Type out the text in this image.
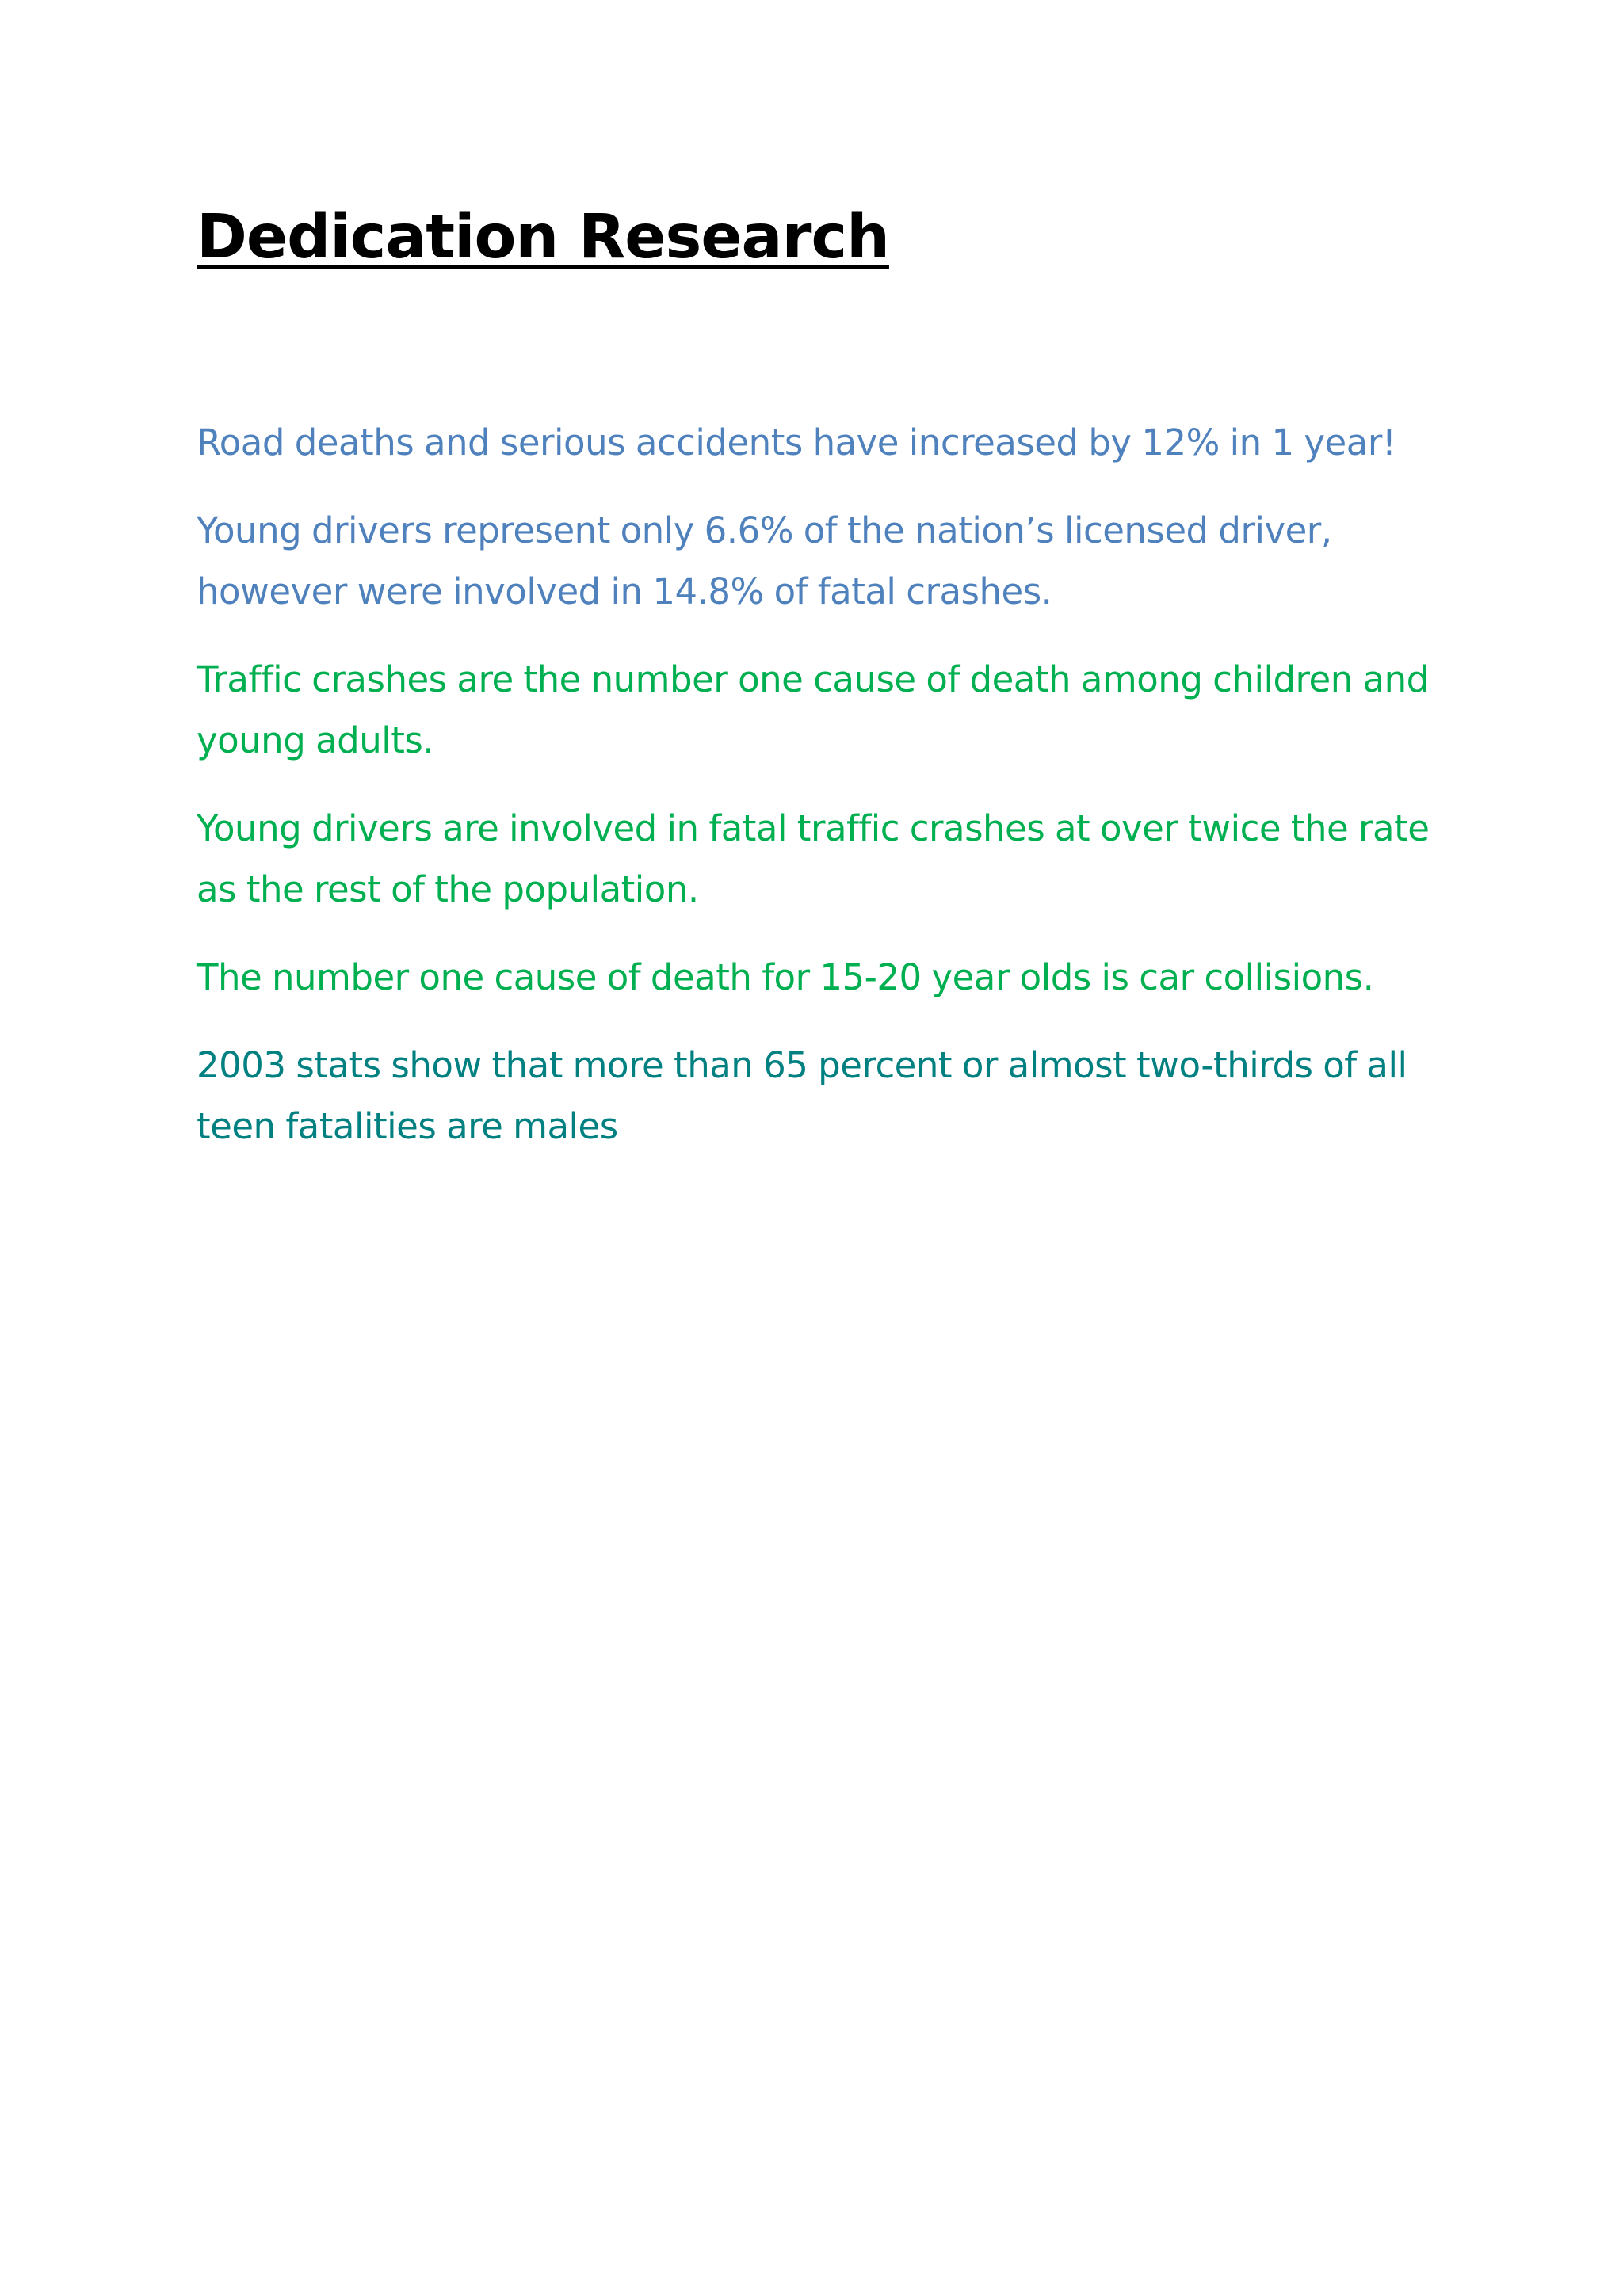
Dedication Research

Road deaths and serious accidents have increased by 12% in 1 year!

Young drivers represent only 6.6% of the nation’s licensed driver, however were involved in 14.8% of fatal crashes.

Traffic crashes are the number one cause of death among children and young adults.

Young drivers are involved in fatal traffic crashes at over twice the rate as the rest of the population.

The number one cause of death for 15-20 year olds is car collisions.

2003 stats show that more than 65 percent or almost two-thirds of all teen fatalities are males
